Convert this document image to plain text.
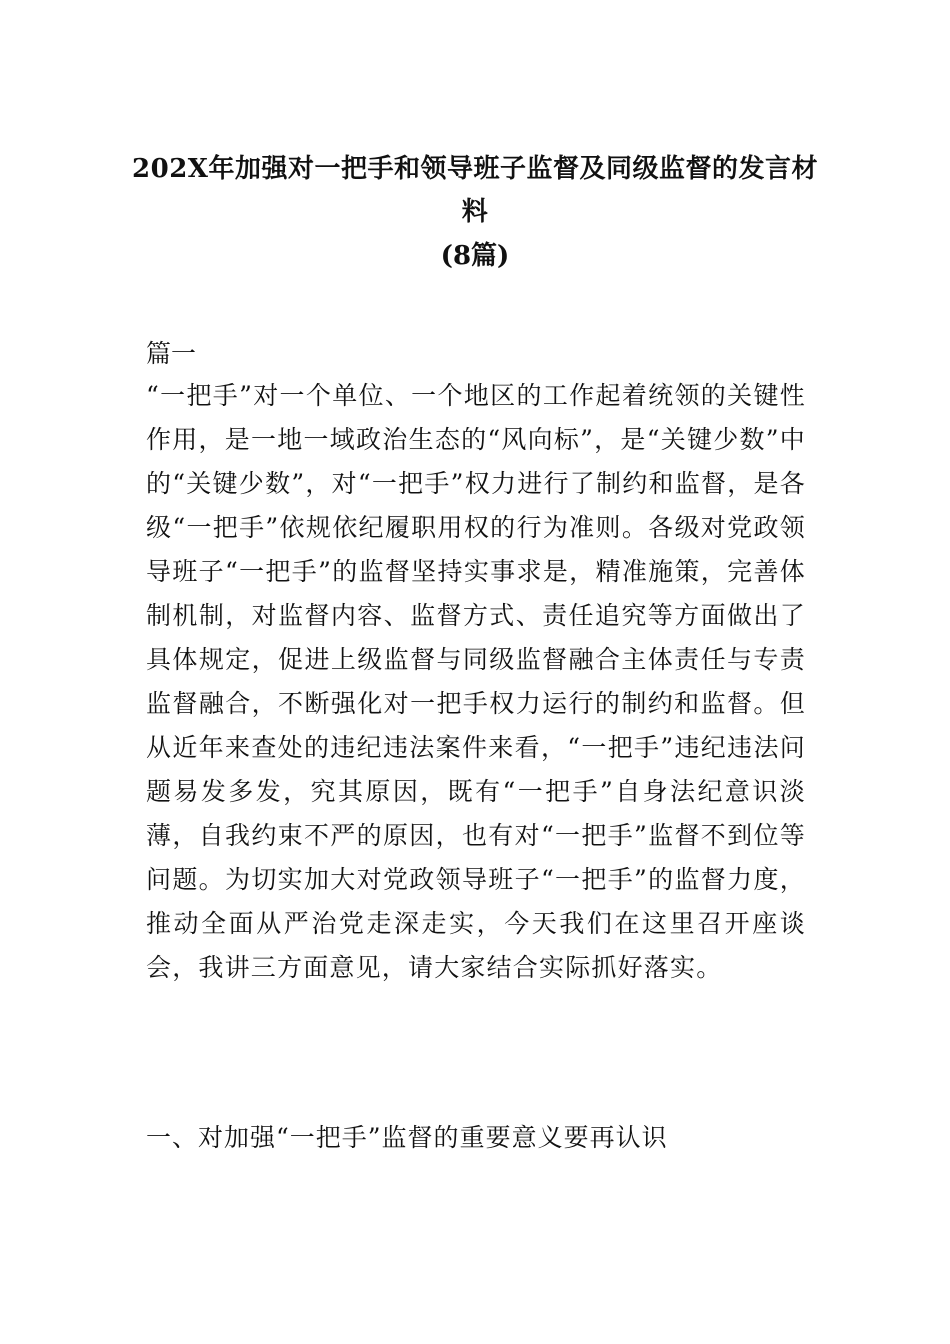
202X年加强对一把手和领导班子监督及同级监督的发言材料
(8篇)
篇一
“一把手”对一个单位、一个地区的工作起着统领的关键性作用，是一地一域政治生态的“风向标”，是“关键少数”中的“关键少数”，对“一把手”权力进行了制约和监督，是各级“一把手”依规依纪履职用权的行为准则。各级对党政领导班子“一把手”的监督坚持实事求是，精准施策，完善体制机制，对监督内容、监督方式、责任追究等方面做出了具体规定，促进上级监督与同级监督融合主体责任与专责监督融合，不断强化对一把手权力运行的制约和监督。但从近年来查处的违纪违法案件来看，“一把手”违纪违法问题易发多发，究其原因，既有“一把手”自身法纪意识淡薄，自我约束不严的原因，也有对“一把手”监督不到位等问题。为切实加大对党政领导班子“一把手”的监督力度，推动全面从严治党走深走实，今天我们在这里召开座谈会，我讲三方面意见，请大家结合实际抓好落实。
一、对加强“一把手”监督的重要意义要再认识
